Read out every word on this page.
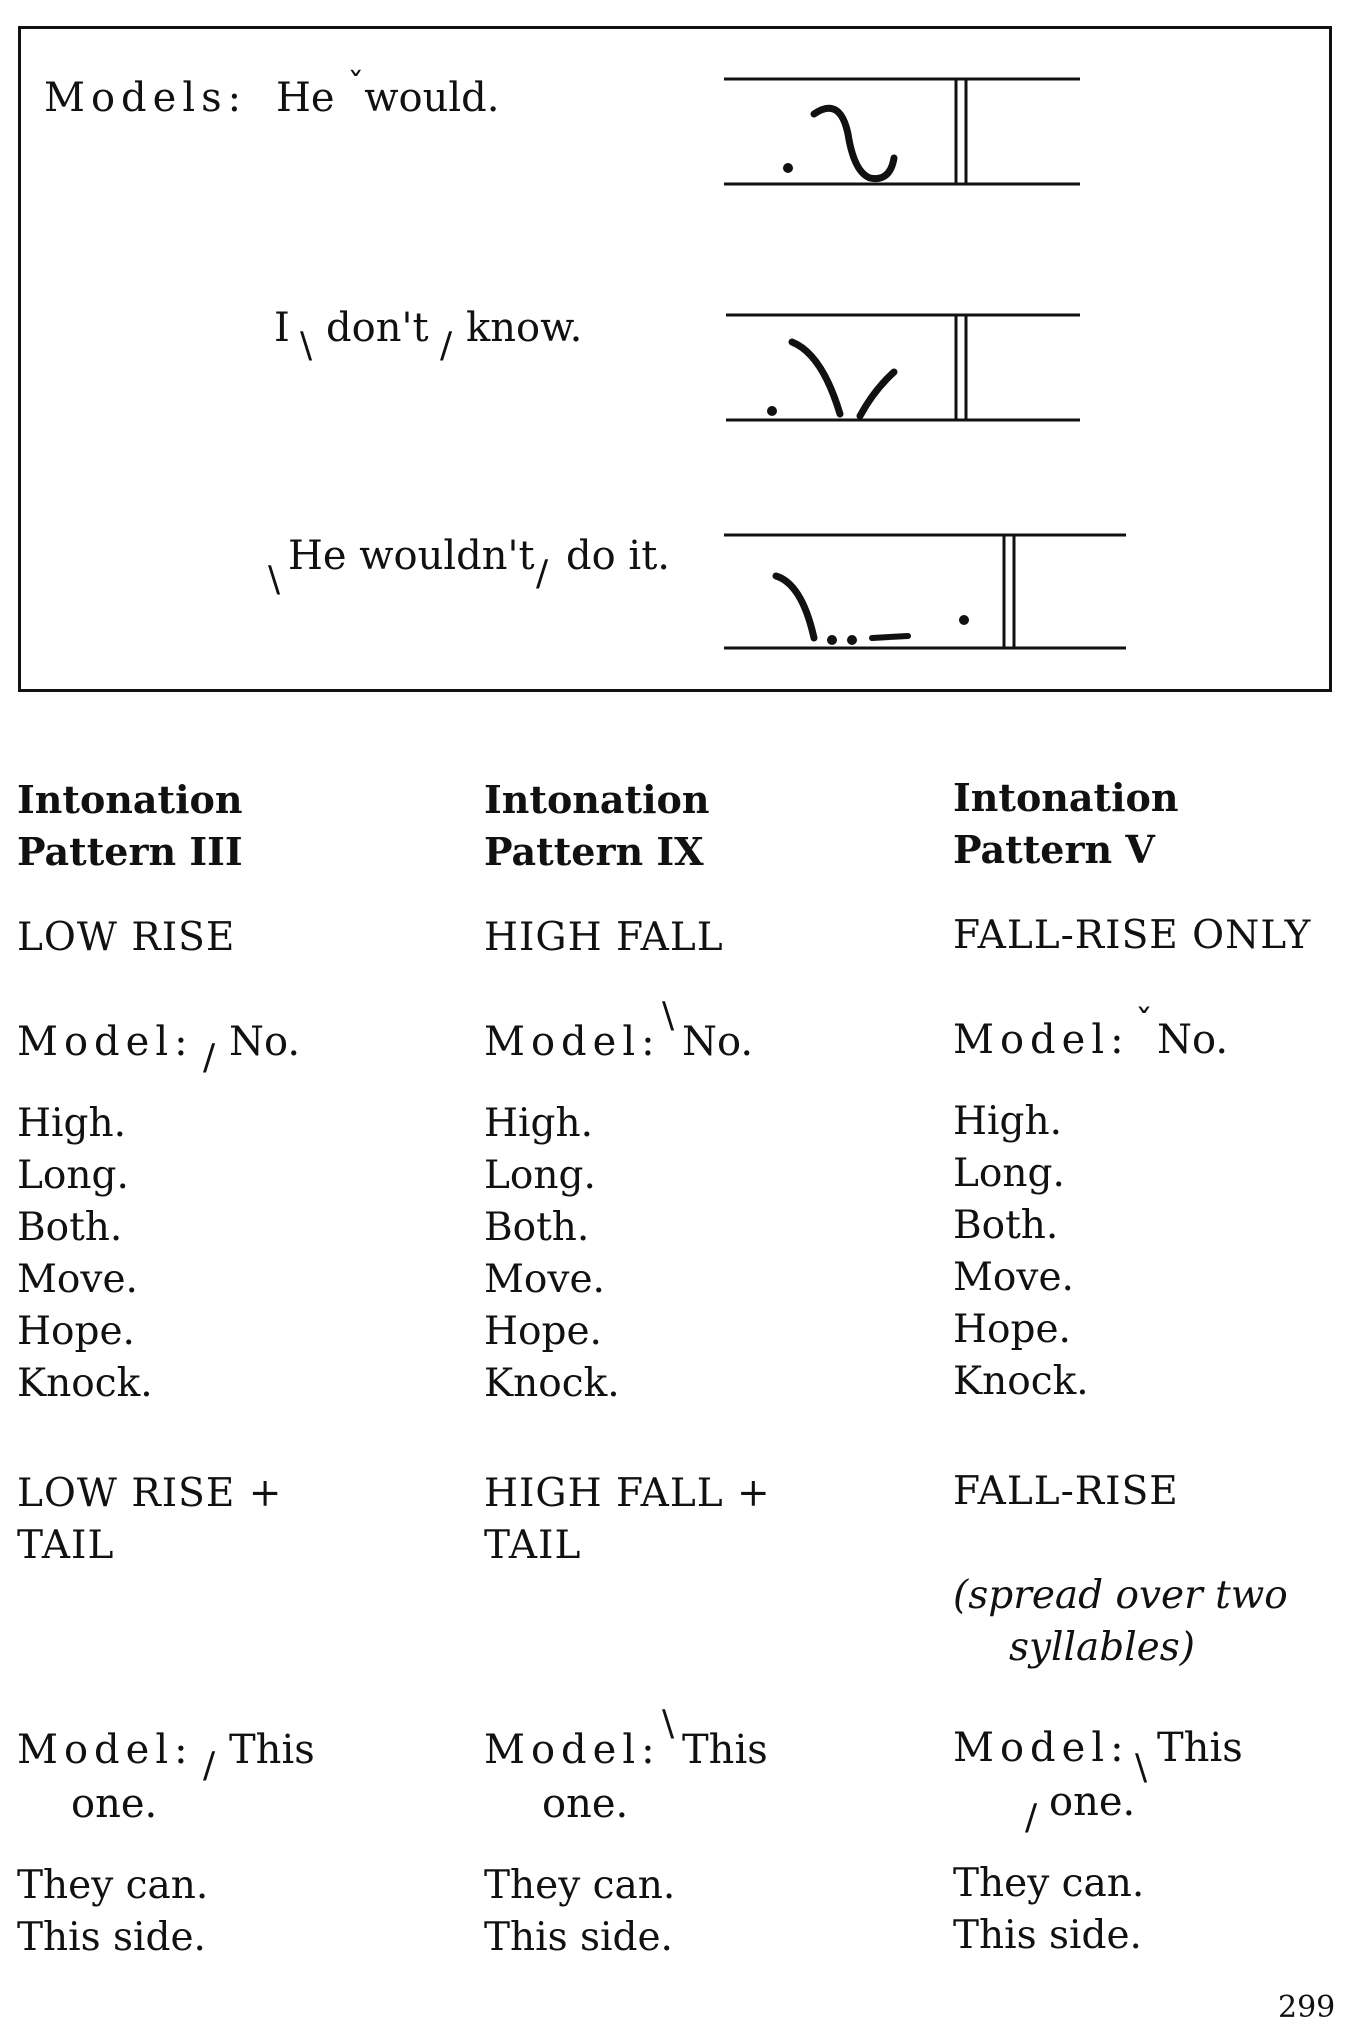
Models: He $^ˇ$would.
I \ don't / know.
\
He wouldn't / do it.
Intonation
Pattern III
LOW RISE
Model: / No.
High.
Long.
Both.
Move.
Hope.
Knock.
LOW RISE +
TAIL
Model: / This
one.
They can.
This side.
Intonation
Pattern IX
HIGH FALL
Model:
\
No.
High.
Long.
Both.
Move.
Hope.
Knock.
HIGH FALL +
TAIL
Model:
\
This
one.
They can.
This side.
Intonation
Pattern V
FALL-RISE ONLY
Model: ˇ No.
High.
Long.
Both.
Move.
Hope.
Knock.
FALL-RISE
(spread over two
syllables)
Model: \ This
/ one.
They can.
This side.
299
